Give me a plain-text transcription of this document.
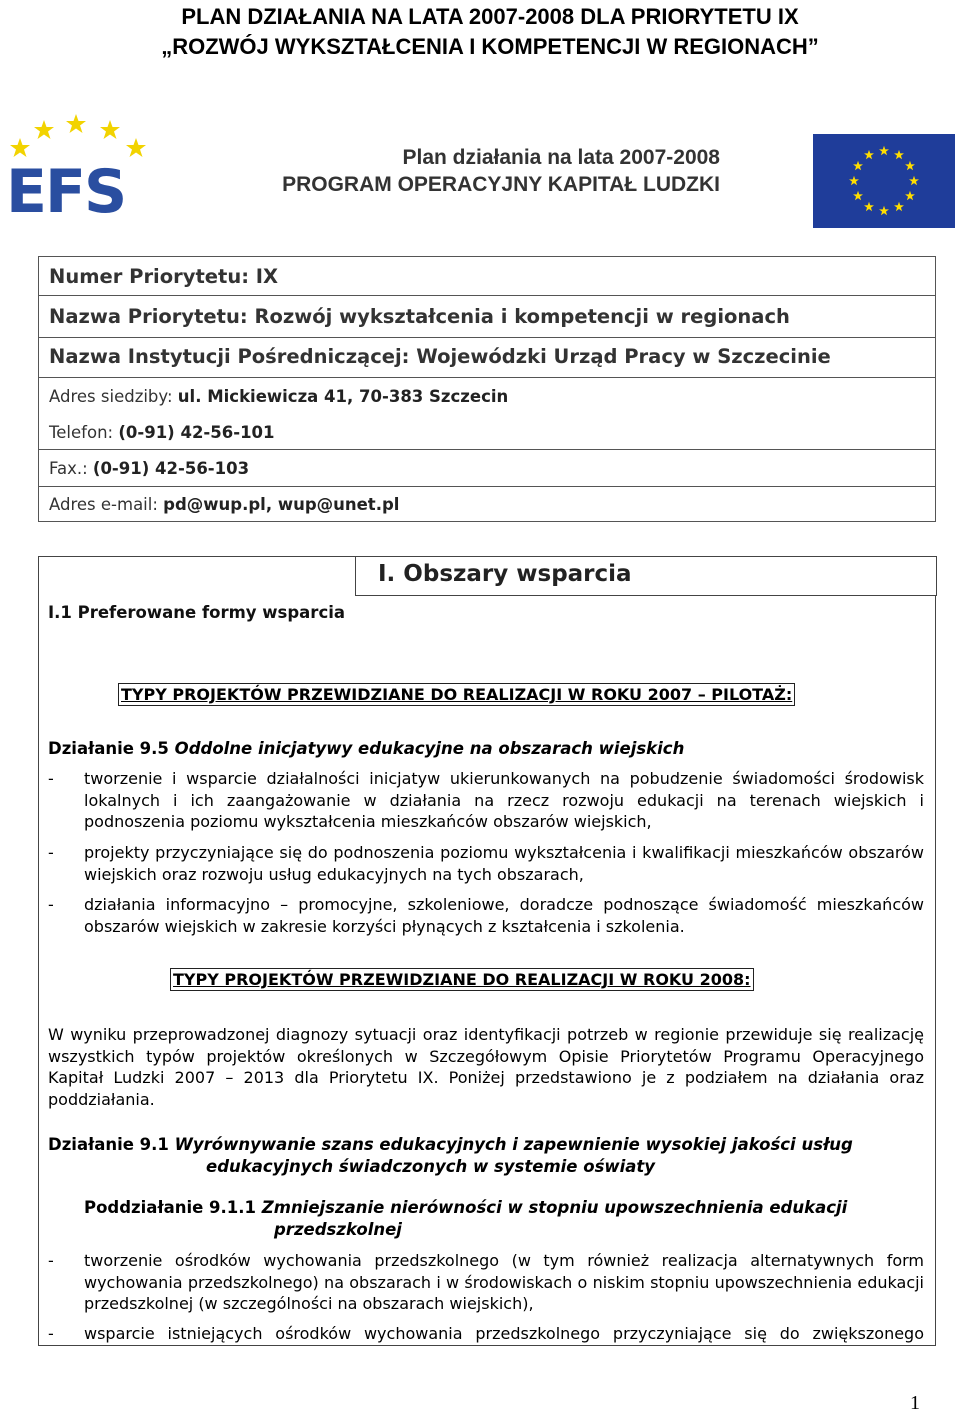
PLAN DZIAŁANIA NA LATA 2007-2008 DLA PRIORYTETU IX
„ROZWÓJ WYKSZTAŁCENIA I KOMPETENCJI W REGIONACH”
EFS	Plan działania na lata 2007-2008
PROGRAM OPERACYJNY KAPITAŁ LUDZKI
Numer Priorytetu: IX
Nazwa Priorytetu: Rozwój wykształcenia i kompetencji w regionach
Nazwa Instytucji Pośredniczącej: Wojewódzki Urząd Pracy w Szczecinie
Adres siedziby: ul. Mickiewicza 41, 70-383 Szczecin
Telefon: (0-91) 42-56-101
Fax.: (0-91) 42-56-103
Adres e-mail: pd@wup.pl, wup@unet.pl
I. Obszary wsparcia
I.1 Preferowane formy wsparcia
TYPY PROJEKTÓW PRZEWIDZIANE DO REALIZACJI W ROKU 2007 – PILOTAŻ:
Działanie 9.5 Oddolne inicjatywy edukacyjne na obszarach wiejskich
- tworzenie i wsparcie działalności inicjatyw ukierunkowanych na pobudzenie świadomości środowisk lokalnych i ich zaangażowanie w działania na rzecz rozwoju edukacji na terenach wiejskich i podnoszenia poziomu wykształcenia mieszkańców obszarów wiejskich,
- projekty przyczyniające się do podnoszenia poziomu wykształcenia i kwalifikacji mieszkańców obszarów wiejskich oraz rozwoju usług edukacyjnych na tych obszarach,
- działania informacyjno – promocyjne, szkoleniowe, doradcze podnoszące świadomość mieszkańców obszarów wiejskich w zakresie korzyści płynących z kształcenia i szkolenia.
TYPY PROJEKTÓW PRZEWIDZIANE DO REALIZACJI W ROKU 2008:
W wyniku przeprowadzonej diagnozy sytuacji oraz identyfikacji potrzeb w regionie przewiduje się realizację wszystkich typów projektów określonych w Szczegółowym Opisie Priorytetów Programu Operacyjnego Kapitał Ludzki 2007 – 2013 dla Priorytetu IX. Poniżej przedstawiono je z podziałem na działania oraz poddziałania.
Działanie 9.1 Wyrównywanie szans edukacyjnych i zapewnienie wysokiej jakości usług
edukacyjnych świadczonych w systemie oświaty
Poddziałanie 9.1.1 Zmniejszanie nierówności w stopniu upowszechnienia edukacji
przedszkolnej
- tworzenie ośrodków wychowania przedszkolnego (w tym również realizacja alternatywnych form wychowania przedszkolnego) na obszarach i w środowiskach o niskim stopniu upowszechnienia edukacji przedszkolnej (w szczególności na obszarach wiejskich),
- wsparcie istniejących ośrodków wychowania przedszkolnego przyczyniające się do zwiększonego
1
